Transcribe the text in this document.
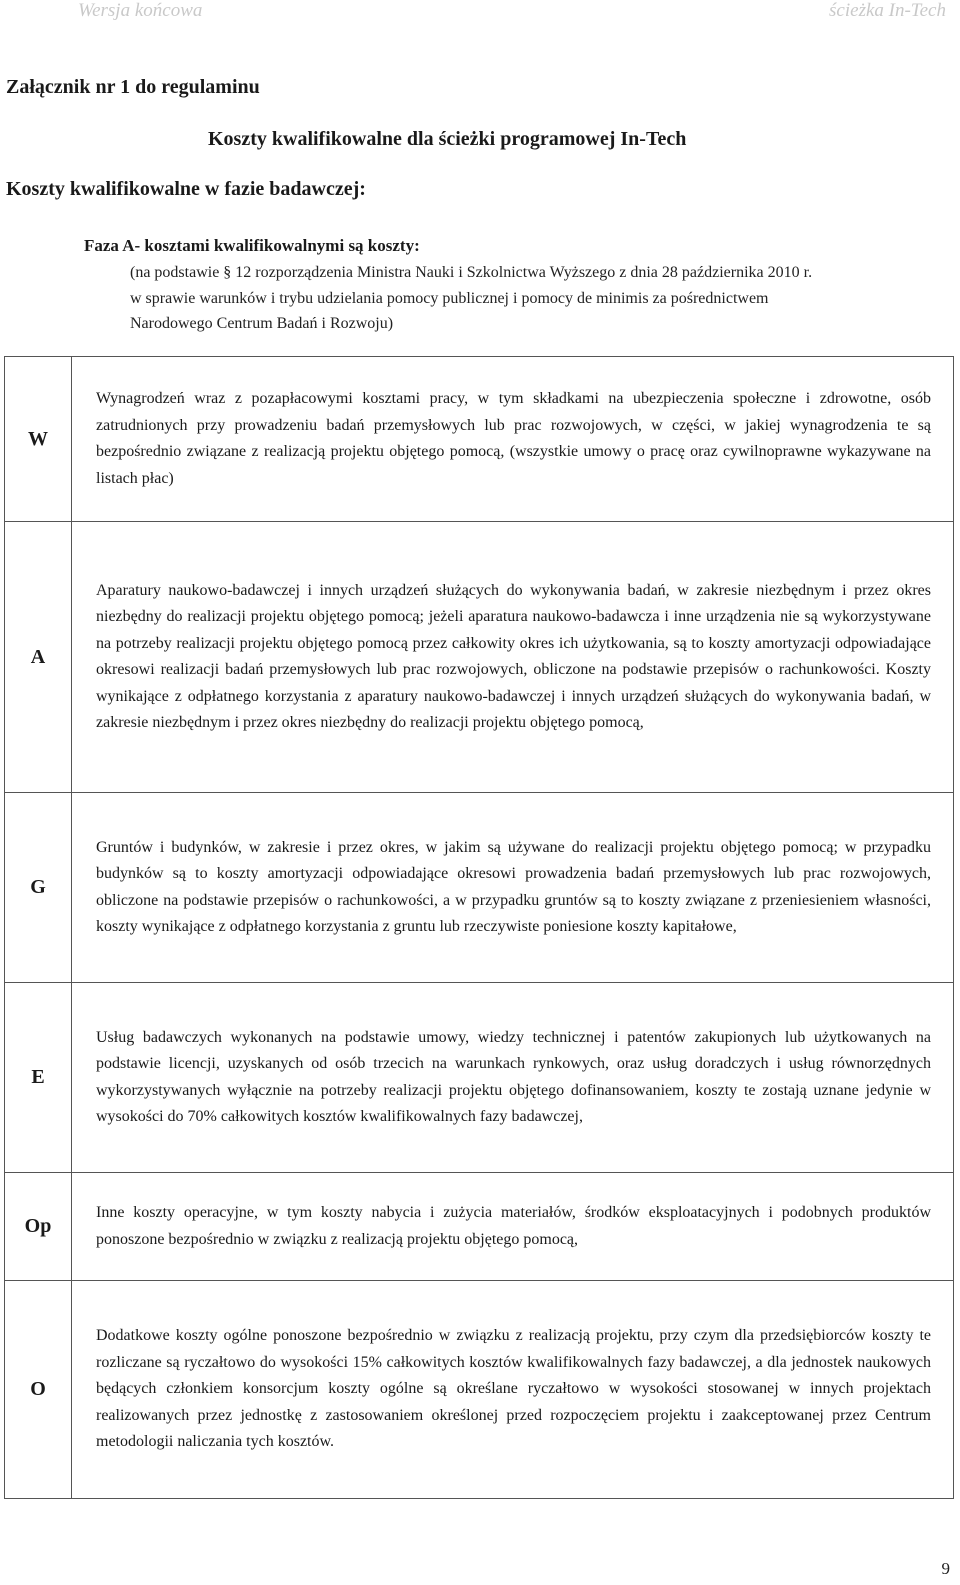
Wersja końcowa	ścieżka In-Tech
Załącznik nr 1 do regulaminu
Koszty kwalifikowalne dla ścieżki programowej In-Tech
Koszty kwalifikowalne w fazie badawczej:
Faza A- kosztami kwalifikowalnymi są koszty:
(na podstawie § 12 rozporządzenia Ministra Nauki i Szkolnictwa Wyższego z dnia 28 października 2010 r.
w sprawie warunków i trybu udzielania pomocy publicznej i pomocy de minimis za pośrednictwem
Narodowego Centrum Badań i Rozwoju)
W	Wynagrodzeń wraz z pozapłacowymi kosztami pracy, w tym składkami na ubezpieczenia społeczne i zdrowotne, osób zatrudnionych przy prowadzeniu badań przemysłowych lub prac rozwojowych, w części, w jakiej wynagrodzenia te są bezpośrednio związane z realizacją projektu objętego pomocą, (wszystkie umowy o pracę oraz cywilnoprawne wykazywane na listach płac)
A	Aparatury naukowo-badawczej i innych urządzeń służących do wykonywania badań, w zakresie niezbędnym i przez okres niezbędny do realizacji projektu objętego pomocą; jeżeli aparatura naukowo-badawcza i inne urządzenia nie są wykorzystywane na potrzeby realizacji projektu objętego pomocą przez całkowity okres ich użytkowania, są to koszty amortyzacji odpowiadające okresowi realizacji badań przemysłowych lub prac rozwojowych, obliczone na podstawie przepisów o rachunkowości. Koszty wynikające z odpłatnego korzystania z aparatury naukowo-badawczej i innych urządzeń służących do wykonywania badań, w zakresie niezbędnym i przez okres niezbędny do realizacji projektu objętego pomocą,
G	Gruntów i budynków, w zakresie i przez okres, w jakim są używane do realizacji projektu objętego pomocą; w przypadku budynków są to koszty amortyzacji odpowiadające okresowi prowadzenia badań przemysłowych lub prac rozwojowych, obliczone na podstawie przepisów o rachunkowości, a w przypadku gruntów są to koszty związane z przeniesieniem własności, koszty wynikające z odpłatnego korzystania z gruntu lub rzeczywiste poniesione koszty kapitałowe,
E	Usług badawczych wykonanych na podstawie umowy, wiedzy technicznej i patentów zakupionych lub użytkowanych na podstawie licencji, uzyskanych od osób trzecich na warunkach rynkowych, oraz usług doradczych i usług równorzędnych wykorzystywanych wyłącznie na potrzeby realizacji projektu objętego dofinansowaniem, koszty te zostają uznane jedynie w wysokości do 70% całkowitych kosztów kwalifikowalnych fazy badawczej,
Op	Inne koszty operacyjne, w tym koszty nabycia i zużycia materiałów, środków eksploatacyjnych i podobnych produktów ponoszone bezpośrednio w związku z realizacją projektu objętego pomocą,
O	Dodatkowe koszty ogólne ponoszone bezpośrednio w związku z realizacją projektu, przy czym dla przedsiębiorców koszty te rozliczane są ryczałtowo do wysokości 15% całkowitych kosztów kwalifikowalnych fazy badawczej, a dla jednostek naukowych będących członkiem konsorcjum koszty ogólne są określane ryczałtowo w wysokości stosowanej w innych projektach realizowanych przez jednostkę z zastosowaniem określonej przed rozpoczęciem projektu i zaakceptowanej przez Centrum metodologii naliczania tych kosztów.
9
